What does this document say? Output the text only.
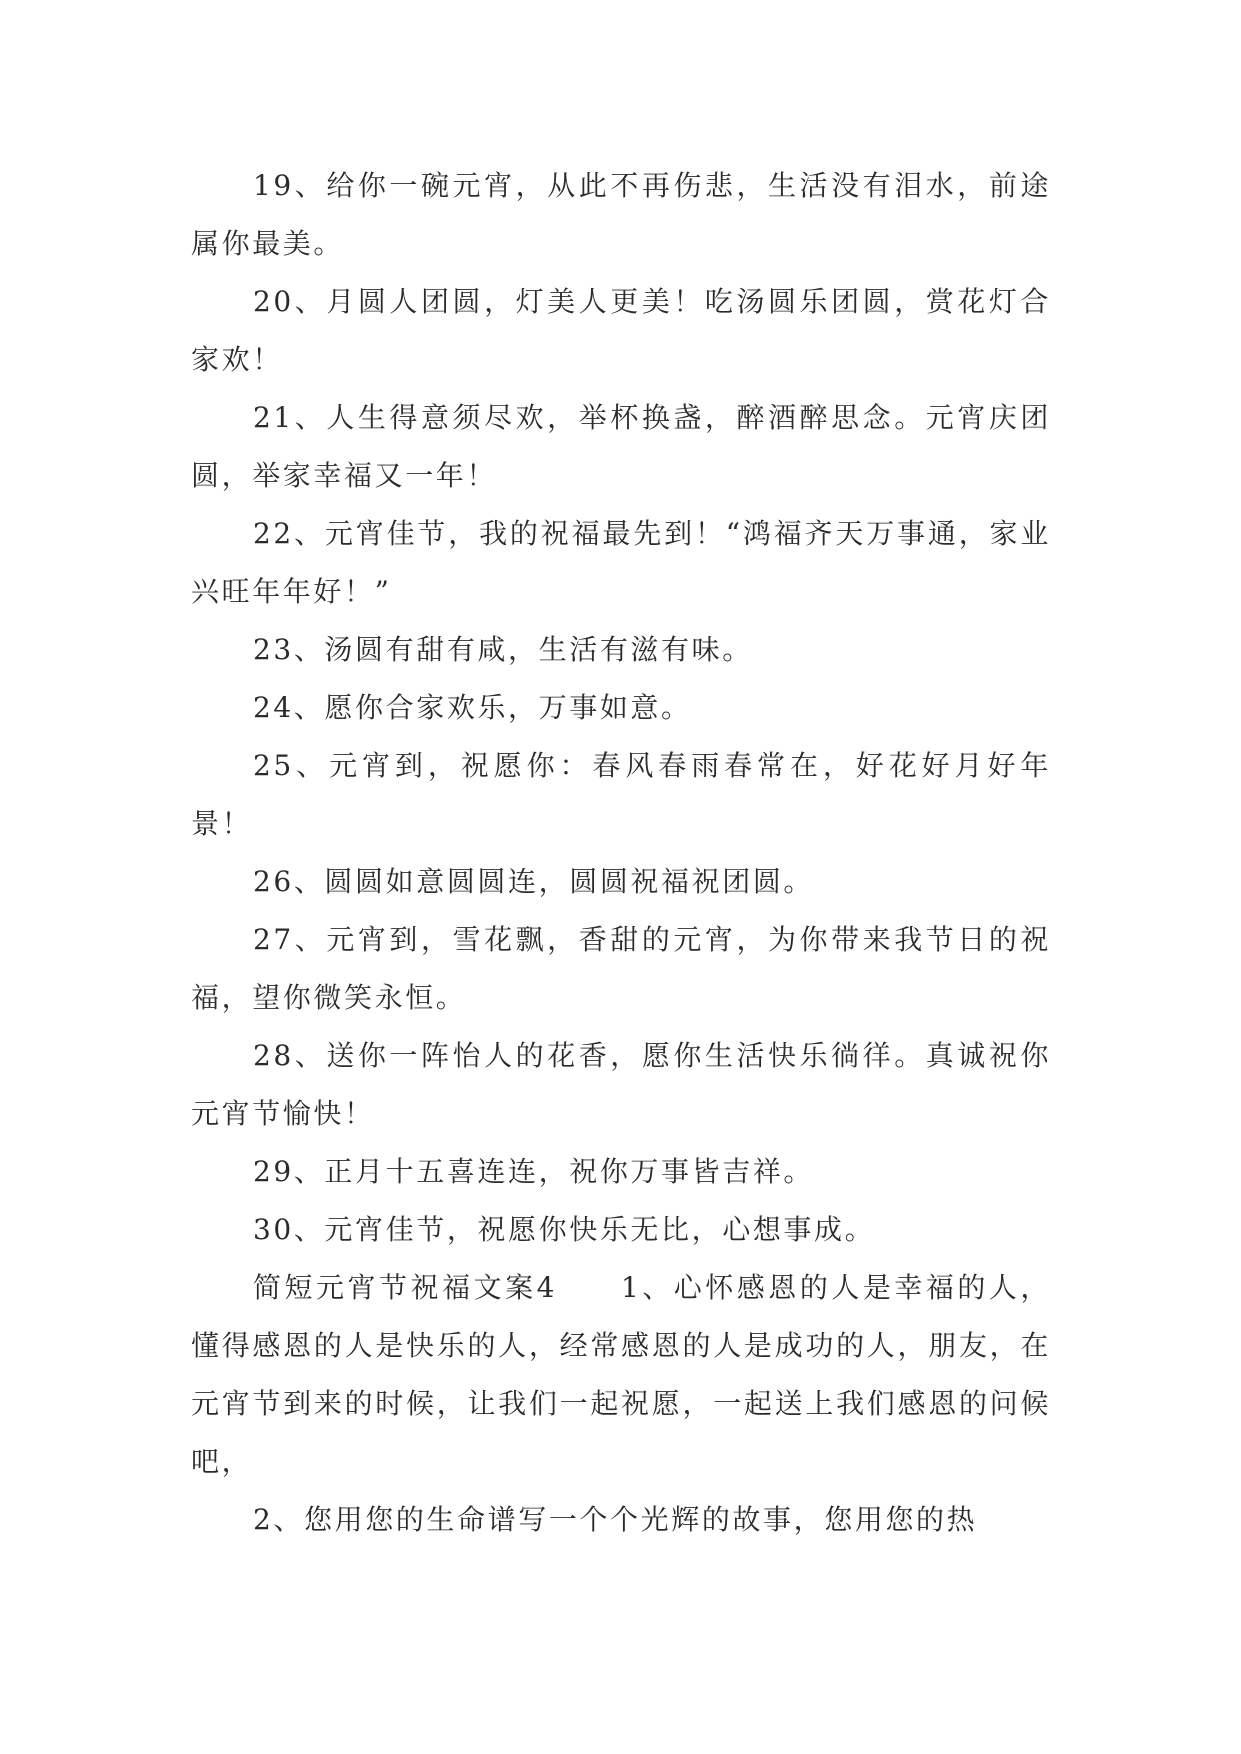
19、给你一碗元宵，从此不再伤悲，生活没有泪水，前途属你最美。

20、月圆人团圆，灯美人更美！吃汤圆乐团圆，赏花灯合家欢！

21、人生得意须尽欢，举杯换盏，醉酒醉思念。元宵庆团圆，举家幸福又一年！

22、元宵佳节，我的祝福最先到！“鸿福齐天万事通，家业兴旺年年好！”

23、汤圆有甜有咸，生活有滋有味。

24、愿你合家欢乐，万事如意。

25、元宵到，祝愿你：春风春雨春常在，好花好月好年景！

26、圆圆如意圆圆连，圆圆祝福祝团圆。

27、元宵到，雪花飘，香甜的元宵，为你带来我节日的祝福，望你微笑永恒。

28、送你一阵怡人的花香，愿你生活快乐徜徉。真诚祝你元宵节愉快！

29、正月十五喜连连，祝你万事皆吉祥。

30、元宵佳节，祝愿你快乐无比，心想事成。

简短元宵节祝福文案4　　1、心怀感恩的人是幸福的人，懂得感恩的人是快乐的人，经常感恩的人是成功的人，朋友，在元宵节到来的时候，让我们一起祝愿，一起送上我们感恩的问候吧，

2、您用您的生命谱写一个个光辉的故事，您用您的热
